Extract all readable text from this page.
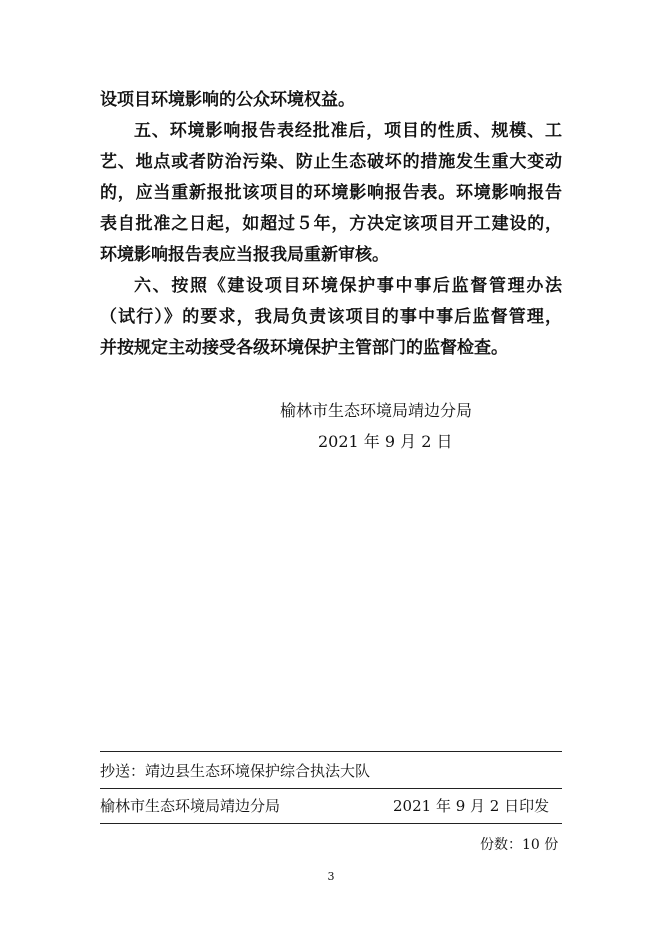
设项目环境影响的公众环境权益。
五、环境影响报告表经批准后，项目的性质、规模、工
艺、地点或者防治污染、防止生态破坏的措施发生重大变动
的，应当重新报批该项目的环境影响报告表。环境影响报告
表自批准之日起，如超过５年，方决定该项目开工建设的，
环境影响报告表应当报我局重新审核。
六、按照《建设项目环境保护事中事后监督管理办法
（试行）》的要求，我局负责该项目的事中事后监督管理，
并按规定主动接受各级环境保护主管部门的监督检查。
榆林市生态环境局靖边分局
2021 年 9 月 2 日
抄送：靖边县生态环境保护综合执法大队
榆林市生态环境局靖边分局	2021 年 9 月 2 日印发
份数：10 份
3
